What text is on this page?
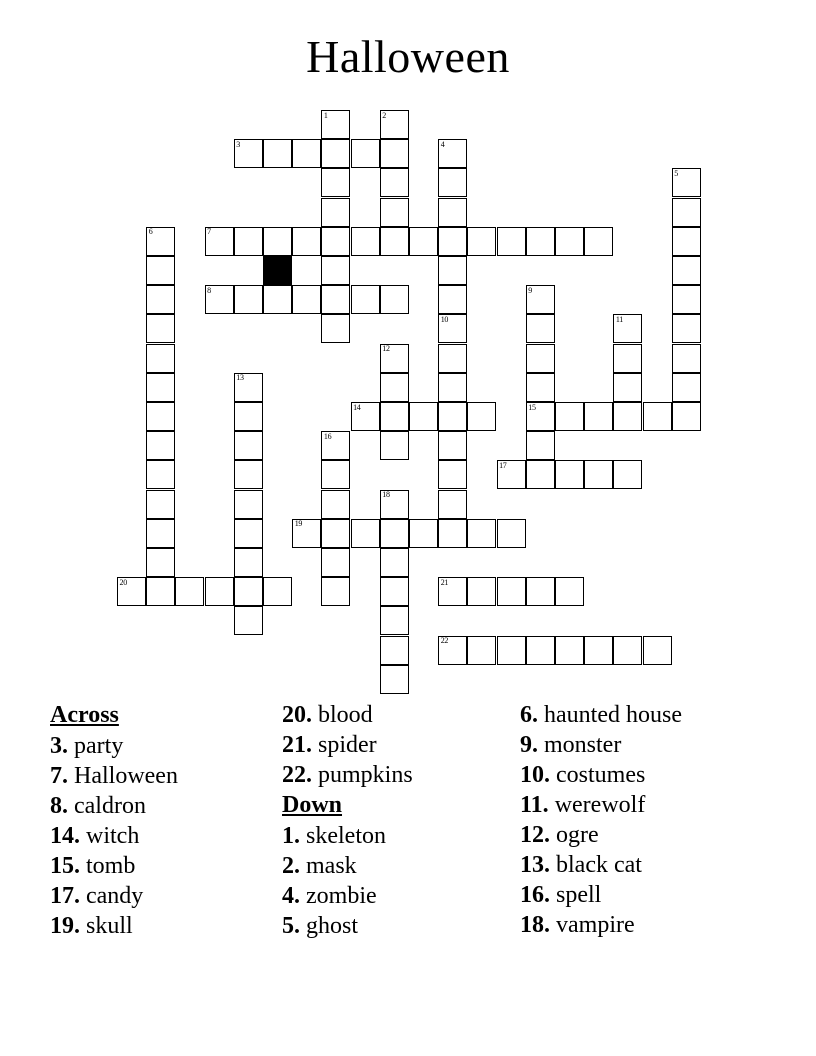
Halloween
1	2
3	4
5
6	7
8	9
15
10	11
12
13
14
16
17
18
19
20	21
22
Across
3. party
7. Halloween
8. caldron
14. witch
15. tomb
17. candy
19. skull
20. blood
21. spider
22. pumpkins
Down
1. skeleton
2. mask
4. zombie
5. ghost
6. haunted house
9. monster
10. costumes
11. werewolf
12. ogre
13. black cat
16. spell
18. vampire
